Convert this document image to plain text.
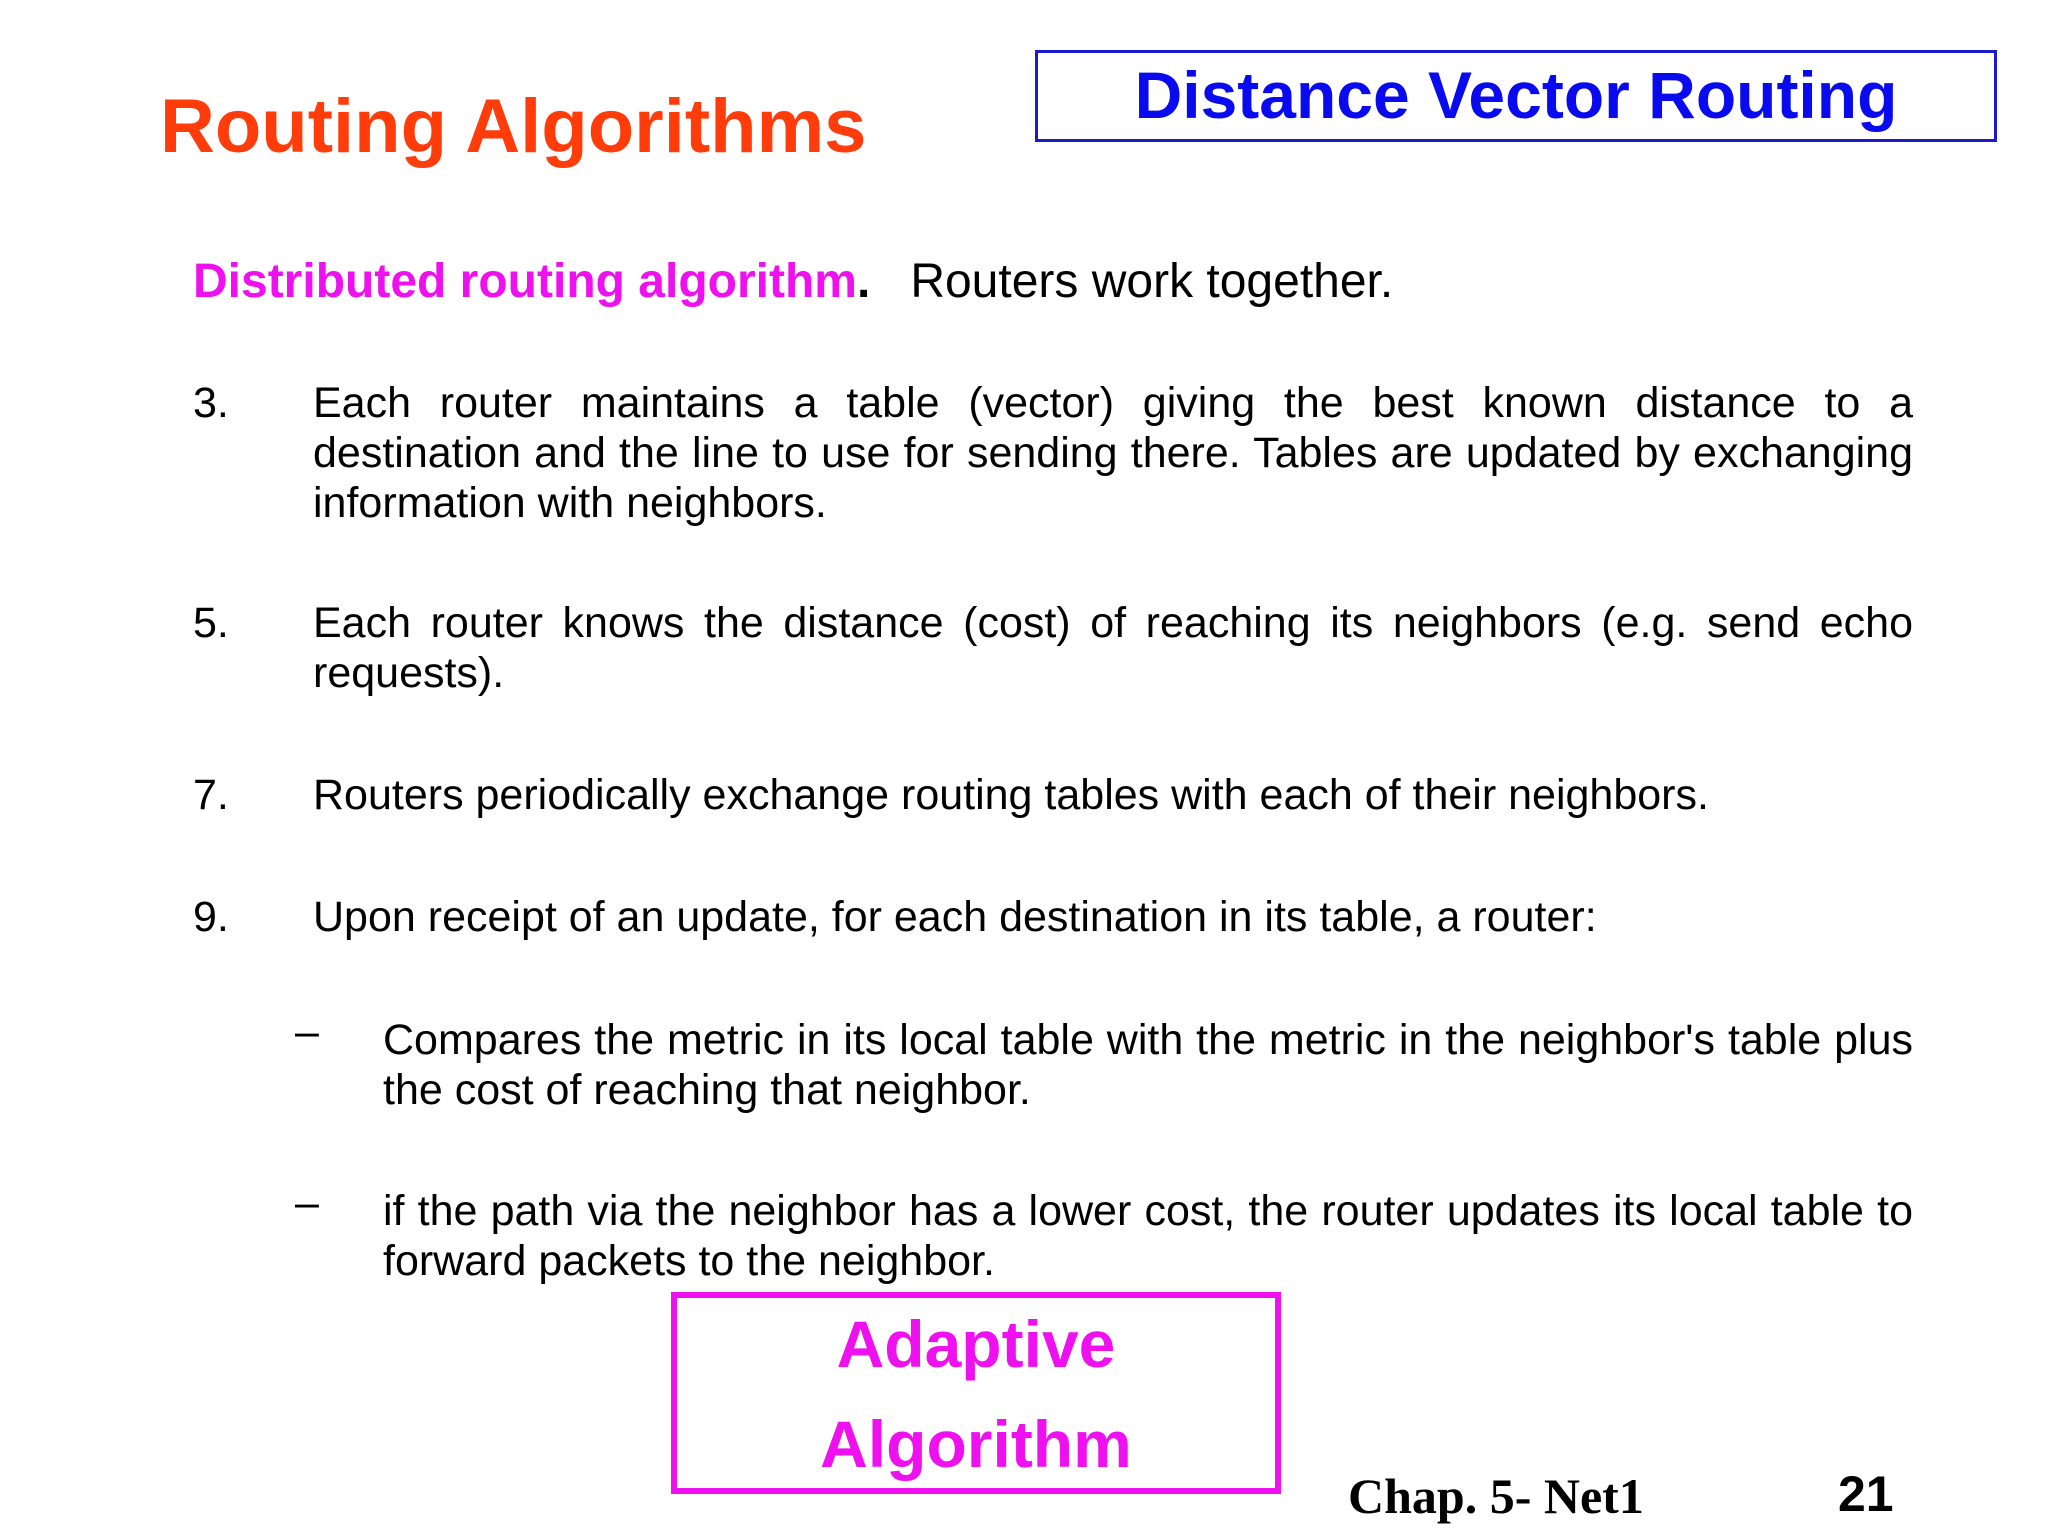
Routing Algorithms	Distance Vector Routing
Distributed routing algorithm. Routers work together.
3.	Each router maintains a table (vector) giving the best known distance to a destination and the line to use for sending there. Tables are updated by exchanging information with neighbors.
5.	Each router knows the distance (cost) of reaching its neighbors (e.g. send echo requests).
7.	Routers periodically exchange routing tables with each of their neighbors.
9.	Upon receipt of an update, for each destination in its table, a router:
–	Compares the metric in its local table with the metric in the neighbor's table plus the cost of reaching that neighbor.
–	if the path via the neighbor has a lower cost, the router updates its local table to forward packets to the neighbor.
Adaptive
Algorithm
Chap. 5- Net1	21
